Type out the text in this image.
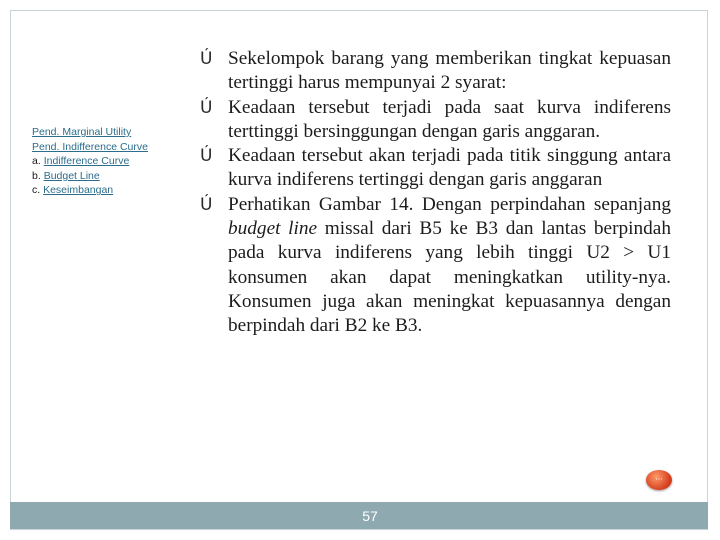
Pend. Marginal Utility
Pend. Indifference Curve
a. Indifference Curve
b. Budget Line
c. Keseimbangan
Ú Sekelompok barang yang memberikan tingkat kepuasan tertinggi harus mempunyai 2 syarat:
Ú Keadaan tersebut terjadi pada saat kurva indiferens terttinggi bersinggungan dengan garis anggaran.
Ú Keadaan tersebut akan terjadi pada titik singgung antara kurva indiferens tertinggi dengan garis anggaran
Ú Perhatikan Gambar 14. Dengan perpindahan sepanjang budget line missal dari B5 ke B3 dan lantas berpindah pada kurva indiferens yang lebih tinggi U2 > U1 konsumen akan dapat meningkatkan utility-nya. Konsumen juga akan meningkat kepuasannya dengan berpindah dari B2 ke B3.
···
57
